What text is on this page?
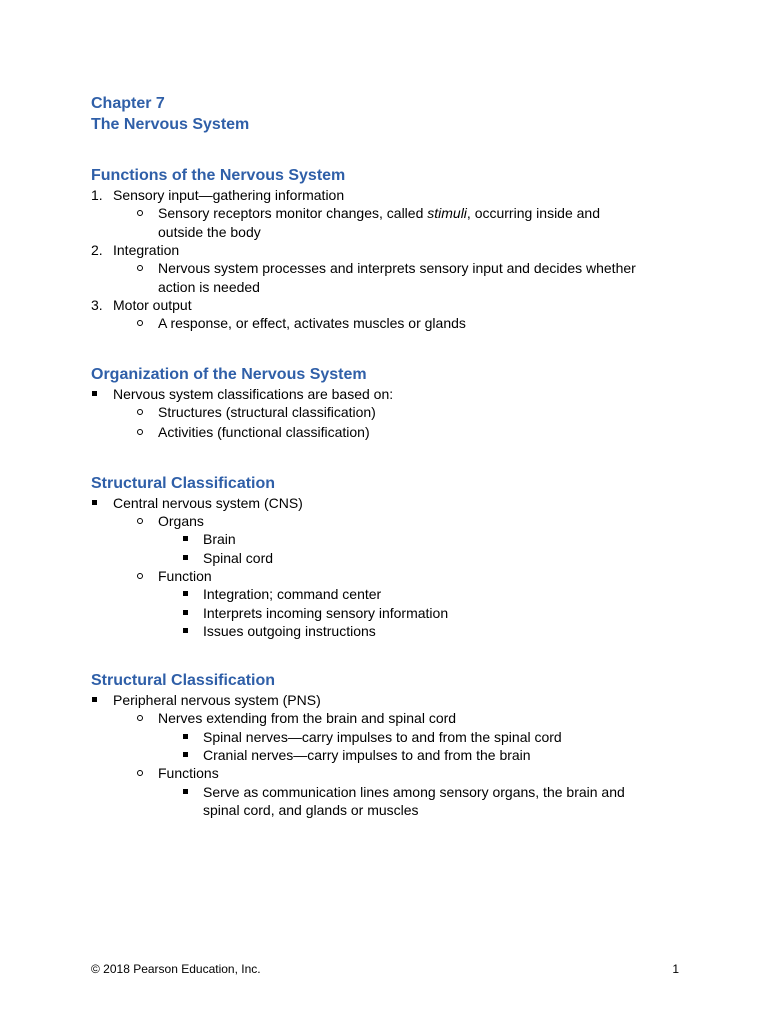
Chapter 7
The Nervous System
Functions of the Nervous System
1. Sensory input—gathering information

Sensory receptors monitor changes, called stimuli, occurring inside and

outside the body

2. Integration

Nervous system processes and interprets sensory input and decides whether

action is needed

3. Motor output

A response, or effect, activates muscles or glands

Organization of the Nervous System

Nervous system classifications are based on:

Structures (structural classification)

Activities (functional classification)

Structural Classification

Central nervous system (CNS)

Organs

Brain

Spinal cord

Function

Integration; command center

Interprets incoming sensory information

Issues outgoing instructions

Structural Classification

Peripheral nervous system (PNS)

Nerves extending from the brain and spinal cord

Spinal nerves—carry impulses to and from the spinal cord

Cranial nerves—carry impulses to and from the brain

Functions

Serve as communication lines among sensory organs, the brain and

spinal cord, and glands or muscles

© 2018 Pearson Education, Inc.	1
